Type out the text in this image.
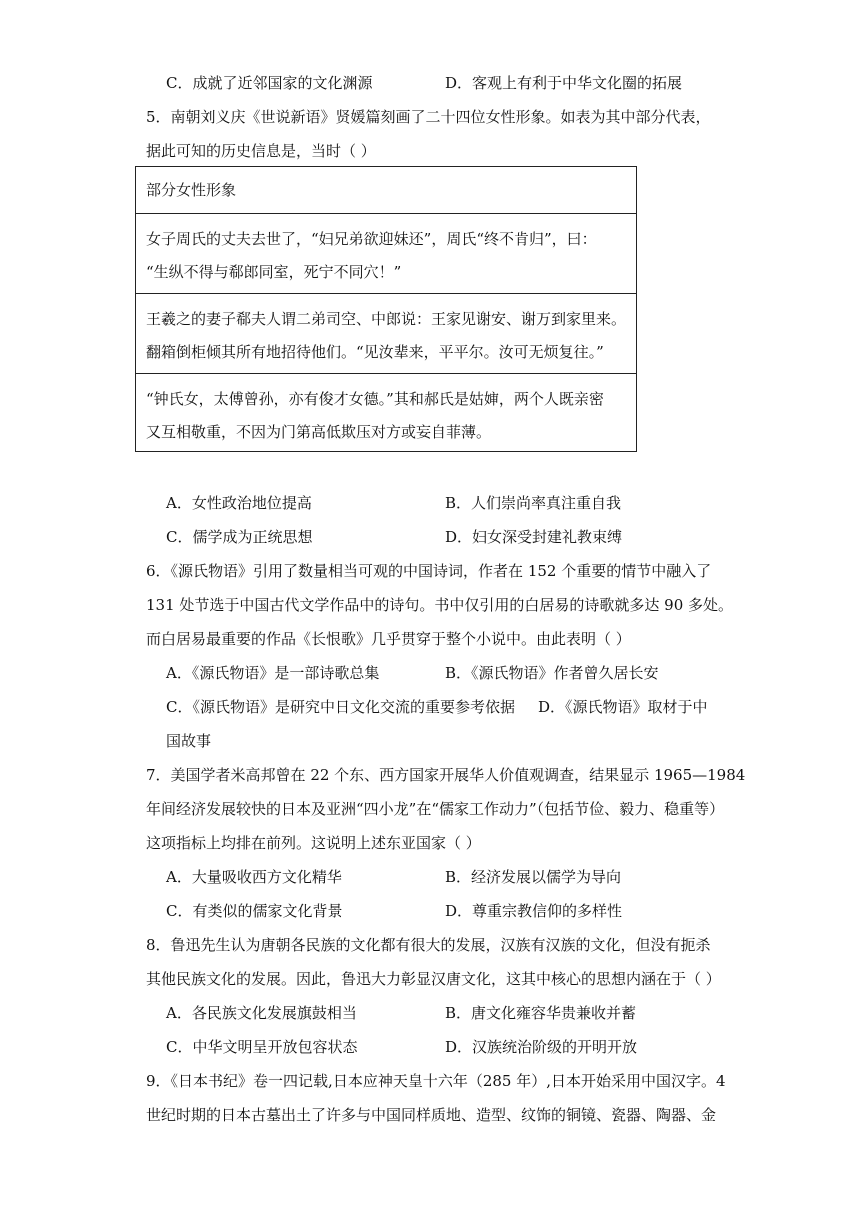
C．成就了近邻国家的文化渊源	D．客观上有利于中华文化圈的拓展
5．南朝刘义庆《世说新语》贤媛篇刻画了二十四位女性形象。如表为其中部分代表，
据此可知的历史信息是，当时（ ）
部分女性形象
女子周氏的丈夫去世了，“妇兄弟欲迎妹还”，周氏“终不肯归”，曰：
“生纵不得与郗郎同室，死宁不同穴！”
王羲之的妻子郗夫人谓二弟司空、中郎说：王家见谢安、谢万到家里来。
翻箱倒柜倾其所有地招待他们。“见汝辈来，平平尔。汝可无烦复往。”
“钟氏女，太傅曾孙，亦有俊才女德。”其和郝氏是姑婶，两个人既亲密
又互相敬重，不因为门第高低欺压对方或妄自菲薄。
A．女性政治地位提高	B．人们崇尚率真注重自我
C．儒学成为正统思想	D．妇女深受封建礼教束缚
6．《源氏物语》引用了数量相当可观的中国诗词，作者在 152 个重要的情节中融入了
131 处节选于中国古代文学作品中的诗句。书中仅引用的白居易的诗歌就多达 90 多处。
而白居易最重要的作品《长恨歌》几乎贯穿于整个小说中。由此表明（ ）
A．《源氏物语》是一部诗歌总集	B．《源氏物语》作者曾久居长安
C．《源氏物语》是研究中日文化交流的重要参考依据 D．《源氏物语》取材于中
国故事
7．美国学者米高邦曾在 22 个东、西方国家开展华人价值观调查，结果显示 1965—1984
年间经济发展较快的日本及亚洲“四小龙”在“儒家工作动力”（包括节俭、毅力、稳重等）
这项指标上均排在前列。这说明上述东亚国家（ ）
A．大量吸收西方文化精华	B．经济发展以儒学为导向
C．有类似的儒家文化背景	D．尊重宗教信仰的多样性
8．鲁迅先生认为唐朝各民族的文化都有很大的发展，汉族有汉族的文化，但没有扼杀
其他民族文化的发展。因此，鲁迅大力彰显汉唐文化，这其中核心的思想内涵在于（ ）
A．各民族文化发展旗鼓相当	B．唐文化雍容华贵兼收并蓄
C．中华文明呈开放包容状态	D．汉族统治阶级的开明开放
9．《日本书纪》卷一四记载,日本应神天皇十六年（285 年）,日本开始采用中国汉字。4
世纪时期的日本古墓出土了许多与中国同样质地、造型、纹饰的铜镜、瓷器、陶器、金
